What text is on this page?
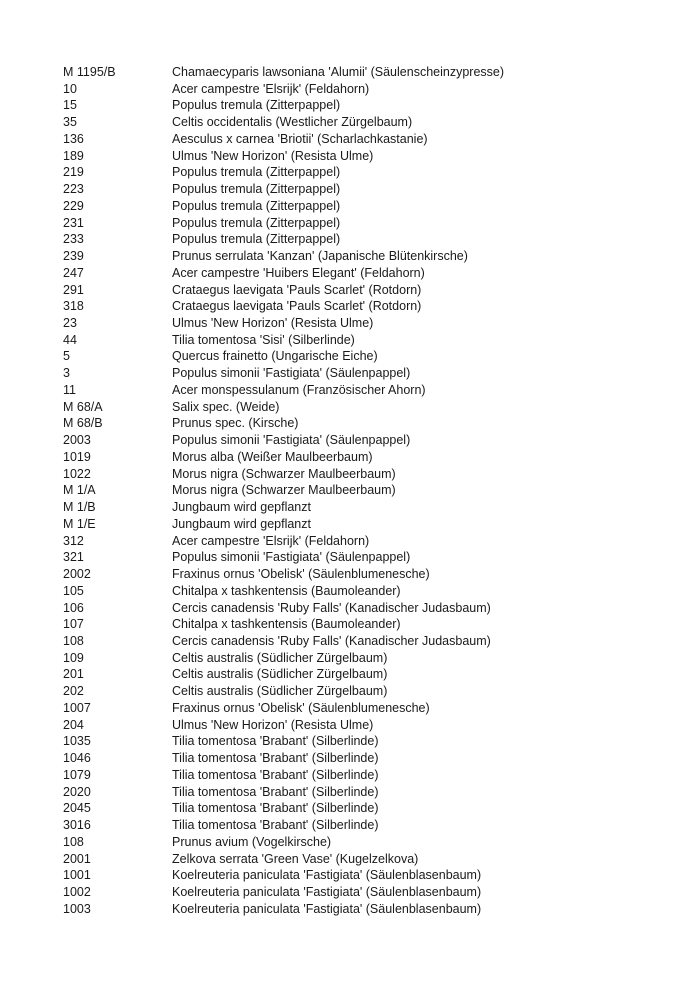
M 1195/B	Chamaecyparis lawsoniana 'Alumii' (Säulenscheinzypresse)
10	Acer campestre 'Elsrijk' (Feldahorn)
15	Populus tremula (Zitterpappel)
35	Celtis occidentalis (Westlicher Zürgelbaum)
136	Aesculus x carnea 'Briotii' (Scharlachkastanie)
189	Ulmus 'New Horizon' (Resista Ulme)
219	Populus tremula (Zitterpappel)
223	Populus tremula (Zitterpappel)
229	Populus tremula (Zitterpappel)
231	Populus tremula (Zitterpappel)
233	Populus tremula (Zitterpappel)
239	Prunus serrulata 'Kanzan' (Japanische Blütenkirsche)
247	Acer campestre 'Huibers Elegant' (Feldahorn)
291	Crataegus laevigata 'Pauls Scarlet' (Rotdorn)
318	Crataegus laevigata 'Pauls Scarlet' (Rotdorn)
23	Ulmus 'New Horizon' (Resista Ulme)
44	Tilia tomentosa 'Sisi' (Silberlinde)
5	Quercus frainetto (Ungarische Eiche)
3	Populus simonii 'Fastigiata' (Säulenpappel)
11	Acer monspessulanum (Französischer Ahorn)
M 68/A	Salix spec. (Weide)
M 68/B	Prunus spec. (Kirsche)
2003	Populus simonii 'Fastigiata' (Säulenpappel)
1019	Morus alba (Weißer Maulbeerbaum)
1022	Morus nigra (Schwarzer Maulbeerbaum)
M 1/A	Morus nigra (Schwarzer Maulbeerbaum)
M 1/B	Jungbaum wird gepflanzt
M 1/E	Jungbaum wird gepflanzt
312	Acer campestre 'Elsrijk' (Feldahorn)
321	Populus simonii 'Fastigiata' (Säulenpappel)
2002	Fraxinus ornus 'Obelisk' (Säulenblumenesche)
105	Chitalpa x tashkentensis (Baumoleander)
106	Cercis canadensis 'Ruby Falls' (Kanadischer Judasbaum)
107	Chitalpa x tashkentensis (Baumoleander)
108	Cercis canadensis 'Ruby Falls' (Kanadischer Judasbaum)
109	Celtis australis (Südlicher Zürgelbaum)
201	Celtis australis (Südlicher Zürgelbaum)
202	Celtis australis (Südlicher Zürgelbaum)
1007	Fraxinus ornus 'Obelisk' (Säulenblumenesche)
204	Ulmus 'New Horizon' (Resista Ulme)
1035	Tilia tomentosa 'Brabant' (Silberlinde)
1046	Tilia tomentosa 'Brabant' (Silberlinde)
1079	Tilia tomentosa 'Brabant' (Silberlinde)
2020	Tilia tomentosa 'Brabant' (Silberlinde)
2045	Tilia tomentosa 'Brabant' (Silberlinde)
3016	Tilia tomentosa 'Brabant' (Silberlinde)
108	Prunus avium (Vogelkirsche)
2001	Zelkova serrata 'Green Vase' (Kugelzelkova)
1001	Koelreuteria paniculata 'Fastigiata' (Säulenblasenbaum)
1002	Koelreuteria paniculata 'Fastigiata' (Säulenblasenbaum)
1003	Koelreuteria paniculata 'Fastigiata' (Säulenblasenbaum)
